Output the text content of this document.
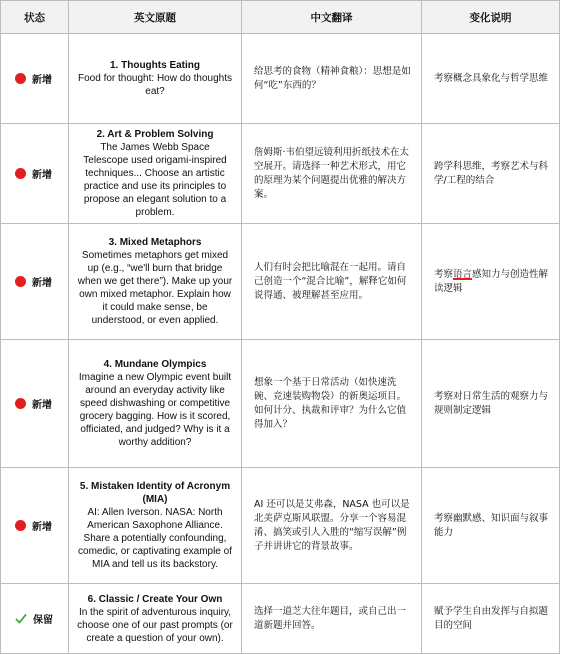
状态	英文原题	中文翻译	变化说明

新增	1. Thoughts Eating
Food for thought: How do thoughts eat?	给思考的食物（精神食粮）：思想是如何“吃”东西的？	考察概念具象化与哲学思维

新增	2. Art & Problem Solving
The James Webb Space Telescope used origami-inspired techniques... Choose an artistic practice and use its principles to propose an elegant solution to a problem.	詹姆斯·韦伯望远镜利用折纸技术在太空展开。请选择一种艺术形式，用它的原理为某个问题提出优雅的解决方案。	跨学科思维，考察艺术与科学/工程的结合

新增	3. Mixed Metaphors
Sometimes metaphors get mixed up (e.g., “we'll burn that bridge when we get there”). Make up your own mixed metaphor. Explain how it could make sense, be understood, or even applied.	人们有时会把比喻混在一起用。请自己创造一个“混合比喻”，解释它如何说得通、被理解甚至应用。	考察语言感知力与创造性解读逻辑

新增	4. Mundane Olympics
Imagine a new Olympic event built around an everyday activity like speed dishwashing or competitive grocery bagging. How is it scored, officiated, and judged? Why is it a worthy addition?	想象一个基于日常活动（如快速洗碗、竞速装购物袋）的新奥运项目。如何计分、执裁和评审？为什么它值得加入？	考察对日常生活的观察力与规则制定逻辑

新增	5. Mistaken Identity of Acronym (MIA)
AI: Allen Iverson. NASA: North American Saxophone Alliance. Share a potentially confounding, comedic, or captivating example of MIA and tell us its backstory.	AI 还可以是艾弗森，NASA 也可以是北美萨克斯风联盟。分享一个容易混淆、搞笑或引人入胜的“缩写误解”例子并讲讲它的背景故事。	考察幽默感、知识面与叙事能力

保留	6. Classic / Create Your Own
In the spirit of adventurous inquiry, choose one of our past prompts (or create a question of your own).	选择一道芝大往年题目，或自己出一道新题并回答。	赋予学生自由发挥与自拟题目的空间
